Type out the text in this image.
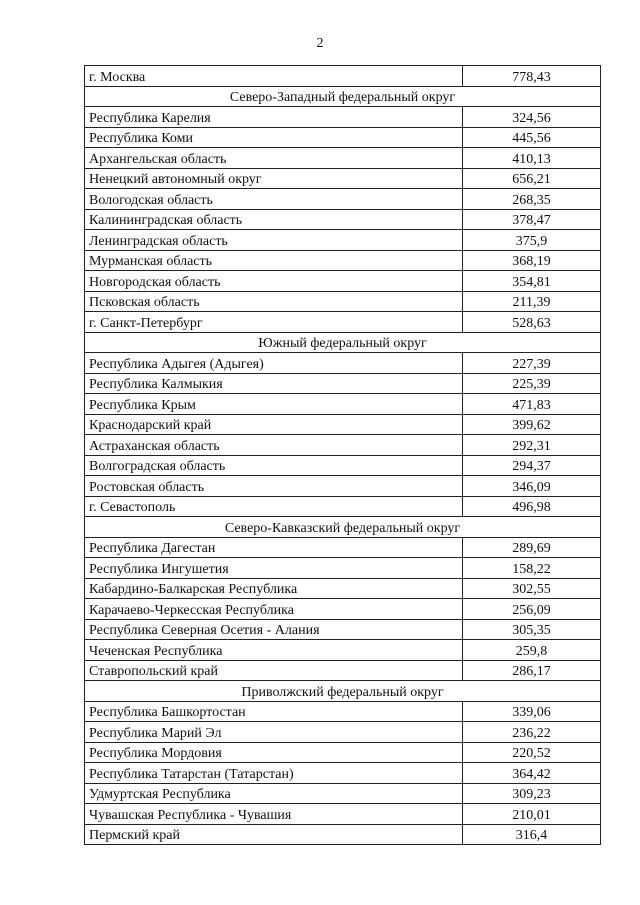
2
г. Москва	778,43
Северо-Западный федеральный округ	
Республика Карелия	324,56
Республика Коми	445,56
Архангельская область	410,13
Ненецкий автономный округ	656,21
Вологодская область	268,35
Калининградская область	378,47
Ленинградская область	375,9
Мурманская область	368,19
Новгородская область	354,81
Псковская область	211,39
г. Санкт-Петербург	528,63
Южный федеральный округ	
Республика Адыгея (Адыгея)	227,39
Республика Калмыкия	225,39
Республика Крым	471,83
Краснодарский край	399,62
Астраханская область	292,31
Волгоградская область	294,37
Ростовская область	346,09
г. Севастополь	496,98
Северо-Кавказский федеральный округ	
Республика Дагестан	289,69
Республика Ингушетия	158,22
Кабардино-Балкарская Республика	302,55
Карачаево-Черкесская Республика	256,09
Республика Северная Осетия - Алания	305,35
Чеченская Республика	259,8
Ставропольский край	286,17
Приволжский федеральный округ	
Республика Башкортостан	339,06
Республика Марий Эл	236,22
Республика Мордовия	220,52
Республика Татарстан (Татарстан)	364,42
Удмуртская Республика	309,23
Чувашская Республика - Чувашия	210,01
Пермский край	316,4
